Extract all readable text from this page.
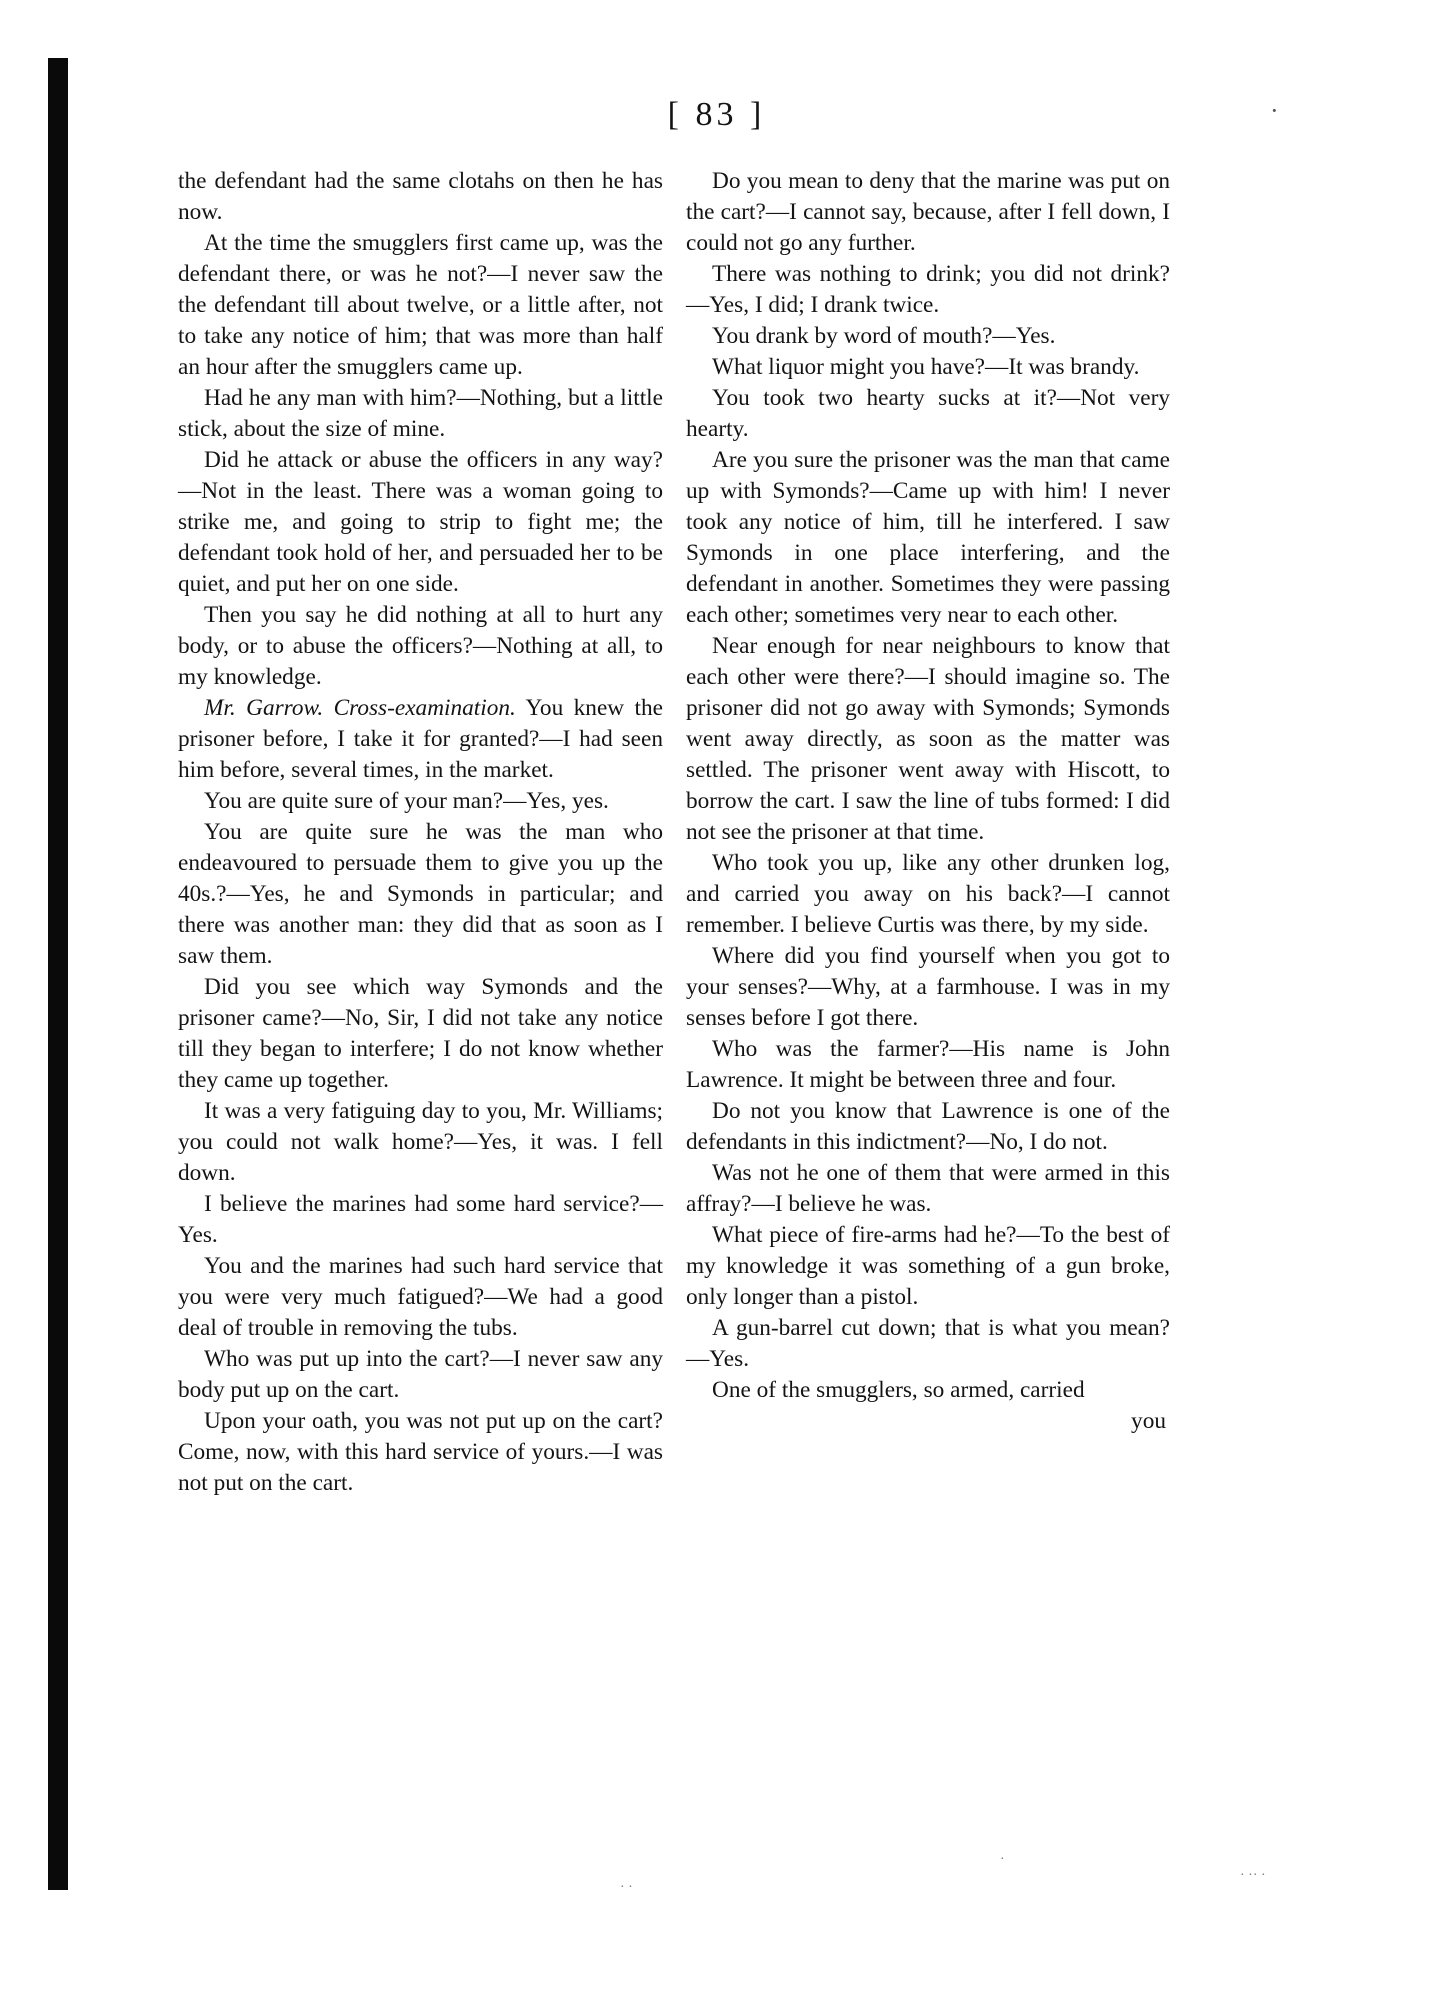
[ 83 ]	·

the defendant had the same clotahs on then he has now.

At the time the smugglers first came up, was the defendant there, or was he not?—I never saw the the defendant till about twelve, or a little after, not to take any notice of him; that was more than half an hour after the smugglers came up.

Had he any man with him?—Nothing, but a little stick, about the size of mine.

Did he attack or abuse the officers in any way?—Not in the least. There was a woman going to strike me, and going to strip to fight me; the defendant took hold of her, and persuaded her to be quiet, and put her on one side.

Then you say he did nothing at all to hurt any body, or to abuse the officers?—Nothing at all, to my knowledge.

Mr. Garrow. Cross-examination. You knew the prisoner before, I take it for granted?—I had seen him before, several times, in the market.

You are quite sure of your man?—Yes, yes.

You are quite sure he was the man who endeavoured to persuade them to give you up the 40s.?—Yes, he and Symonds in particular; and there was another man: they did that as soon as I saw them.

Did you see which way Symonds and the prisoner came?—No, Sir, I did not take any notice till they began to interfere; I do not know whether they came up together.

It was a very fatiguing day to you, Mr. Williams; you could not walk home?—Yes, it was. I fell down.

I believe the marines had some hard service?—Yes.

You and the marines had such hard service that you were very much fatigued?—We had a good deal of trouble in removing the tubs.

Who was put up into the cart?—I never saw any body put up on the cart.

Upon your oath, you was not put up on the cart? Come, now, with this hard service of yours.—I was not put on the cart.

Do you mean to deny that the marine was put on the cart?—I cannot say, because, after I fell down, I could not go any further.

There was nothing to drink; you did not drink?—Yes, I did; I drank twice.

You drank by word of mouth?—Yes.

What liquor might you have?—It was brandy.

You took two hearty sucks at it?—Not very hearty.

Are you sure the prisoner was the man that came up with Symonds?—Came up with him! I never took any notice of him, till he interfered. I saw Symonds in one place interfering, and the defendant in another. Sometimes they were passing each other; sometimes very near to each other.

Near enough for near neighbours to know that each other were there?—I should imagine so. The prisoner did not go away with Symonds; Symonds went away directly, as soon as the matter was settled. The prisoner went away with Hiscott, to borrow the cart. I saw the line of tubs formed: I did not see the prisoner at that time.

Who took you up, like any other drunken log, and carried you away on his back?—I cannot remember. I believe Curtis was there, by my side.

Where did you find yourself when you got to your senses?—Why, at a farmhouse. I was in my senses before I got there.

Who was the farmer?—His name is John Lawrence. It might be between three and four.

Do not you know that Lawrence is one of the defendants in this indictment?—No, I do not.

Was not he one of them that were armed in this affray?—I believe he was.

What piece of fire-arms had he?—To the best of my knowledge it was something of a gun broke, only longer than a pistol.

A gun-barrel cut down; that is what you mean?—Yes.

One of the smugglers, so armed, carried

you

· ·· ·
· ·
·
